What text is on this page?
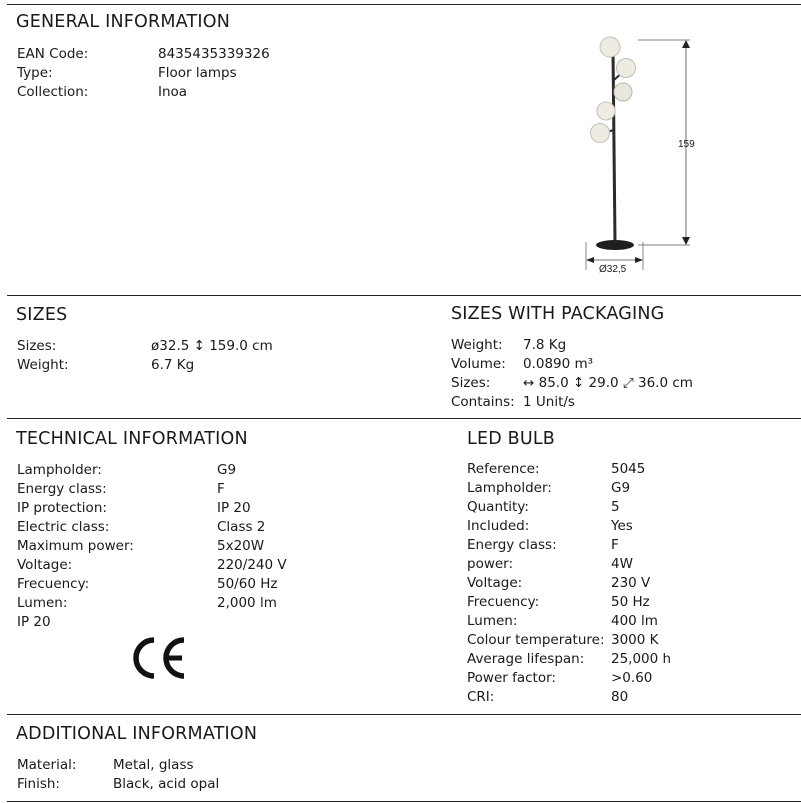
GENERAL INFORMATION
EAN Code:	8435435339326
Type:	Floor lamps
Collection:	Inoa
159
Ø32,5
SIZES
Sizes:	ø32.5 ↕ 159.0 cm
Weight:	6.7 Kg
SIZES WITH PACKAGING
Weight: 7.8 Kg
Volume: 0.0890 m³
Sizes: ↔ 85.0 ↕ 29.0 ⤢ 36.0 cm
Contains: 1 Unit/s
TECHNICAL INFORMATION
Lampholder:	G9
Energy class:	F
IP protection:	IP 20
Electric class:	Class 2
Maximum power:	5x20W
Voltage:	220/240 V
Frecuency:	50/60 Hz
Lumen:	2,000 lm
IP 20
LED BULB
Reference:	5045
Lampholder:	G9
Quantity:	5
Included:	Yes
Energy class:	F
power:	4W
Voltage:	230 V
Frecuency:	50 Hz
Lumen:	400 lm
Colour temperature: 3000 K
Average lifespan: 25,000 h
Power factor:	>0.60
CRI:	80
ADDITIONAL INFORMATION
Material:	Metal, glass
Finish:	Black, acid opal
